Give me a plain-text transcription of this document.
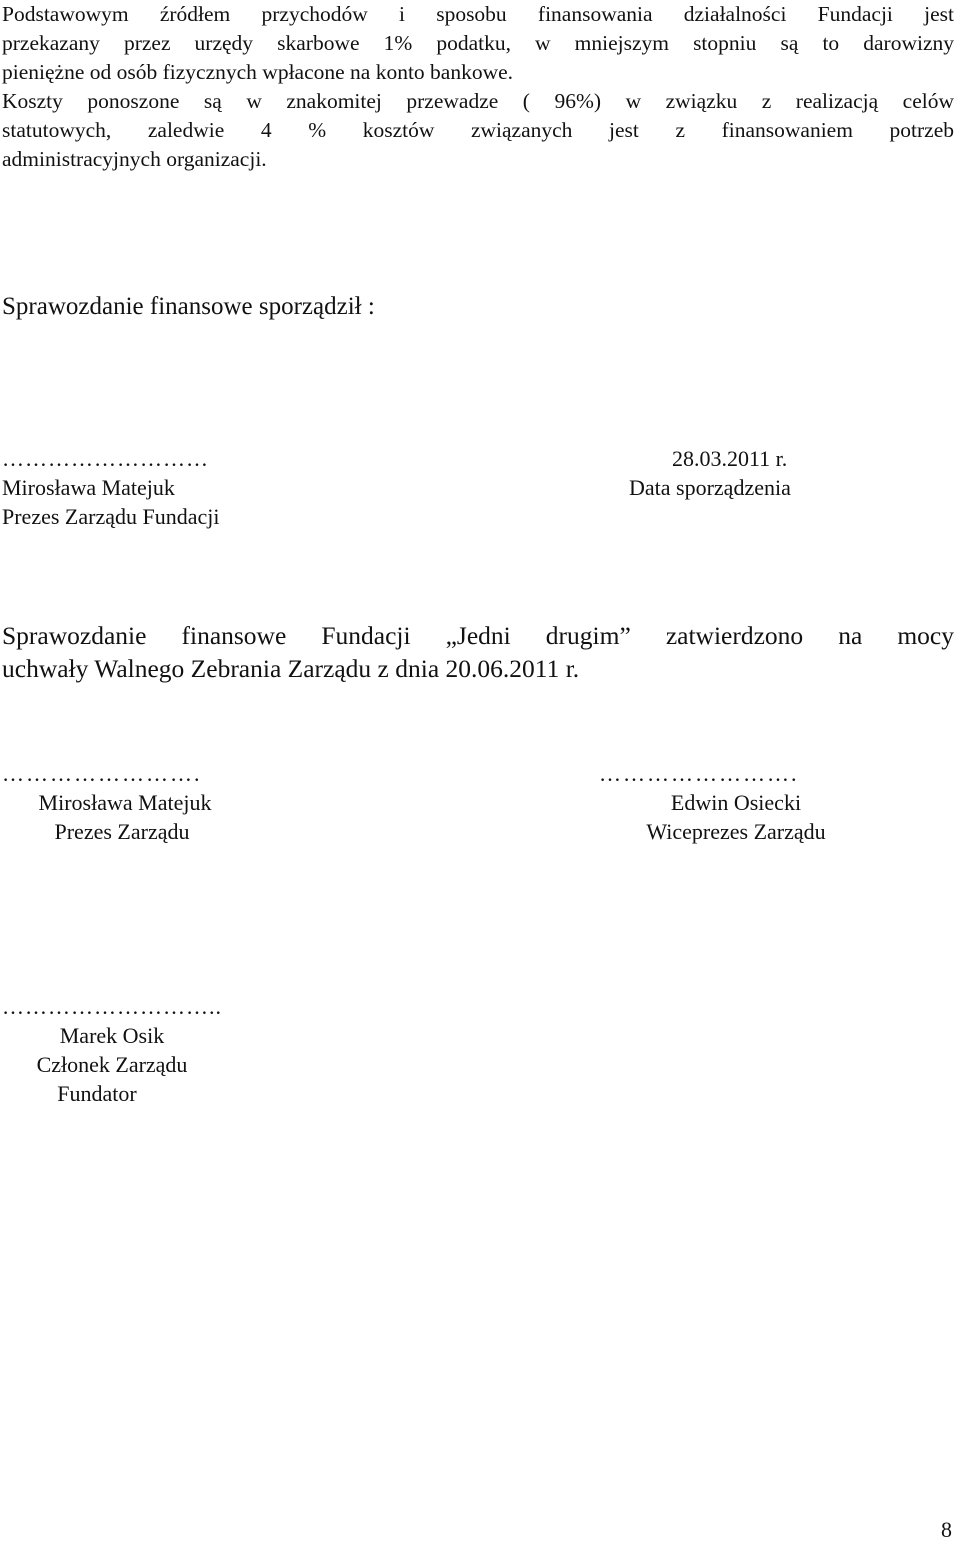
Podstawowym źródłem przychodów i sposobu finansowania działalności Fundacji jest
przekazany przez urzędy skarbowe 1% podatku, w mniejszym stopniu są to darowizny
pieniężne od osób fizycznych wpłacone na konto bankowe.

Koszty ponoszone są w znakomitej przewadze ( 96%) w związku z realizacją celów
statutowych, zaledwie 4 % kosztów związanych jest z finansowaniem potrzeb
administracyjnych organizacji.

Sprawozdanie finansowe sporządził :
………………………
Mirosława Matejuk
Prezes Zarządu Fundacji
28.03.2011 r.
Data sporządzenia

Sprawozdanie finansowe Fundacji „Jedni drugim” zatwierdzono na mocy
uchwały Walnego Zebrania Zarządu z dnia 20.06.2011 r.

…………………….
Mirosława Matejuk
Prezes Zarządu
…………………….
Edwin Osiecki
Wiceprezes Zarządu
………………………..
Marek Osik
Członek Zarządu
Fundator
8
